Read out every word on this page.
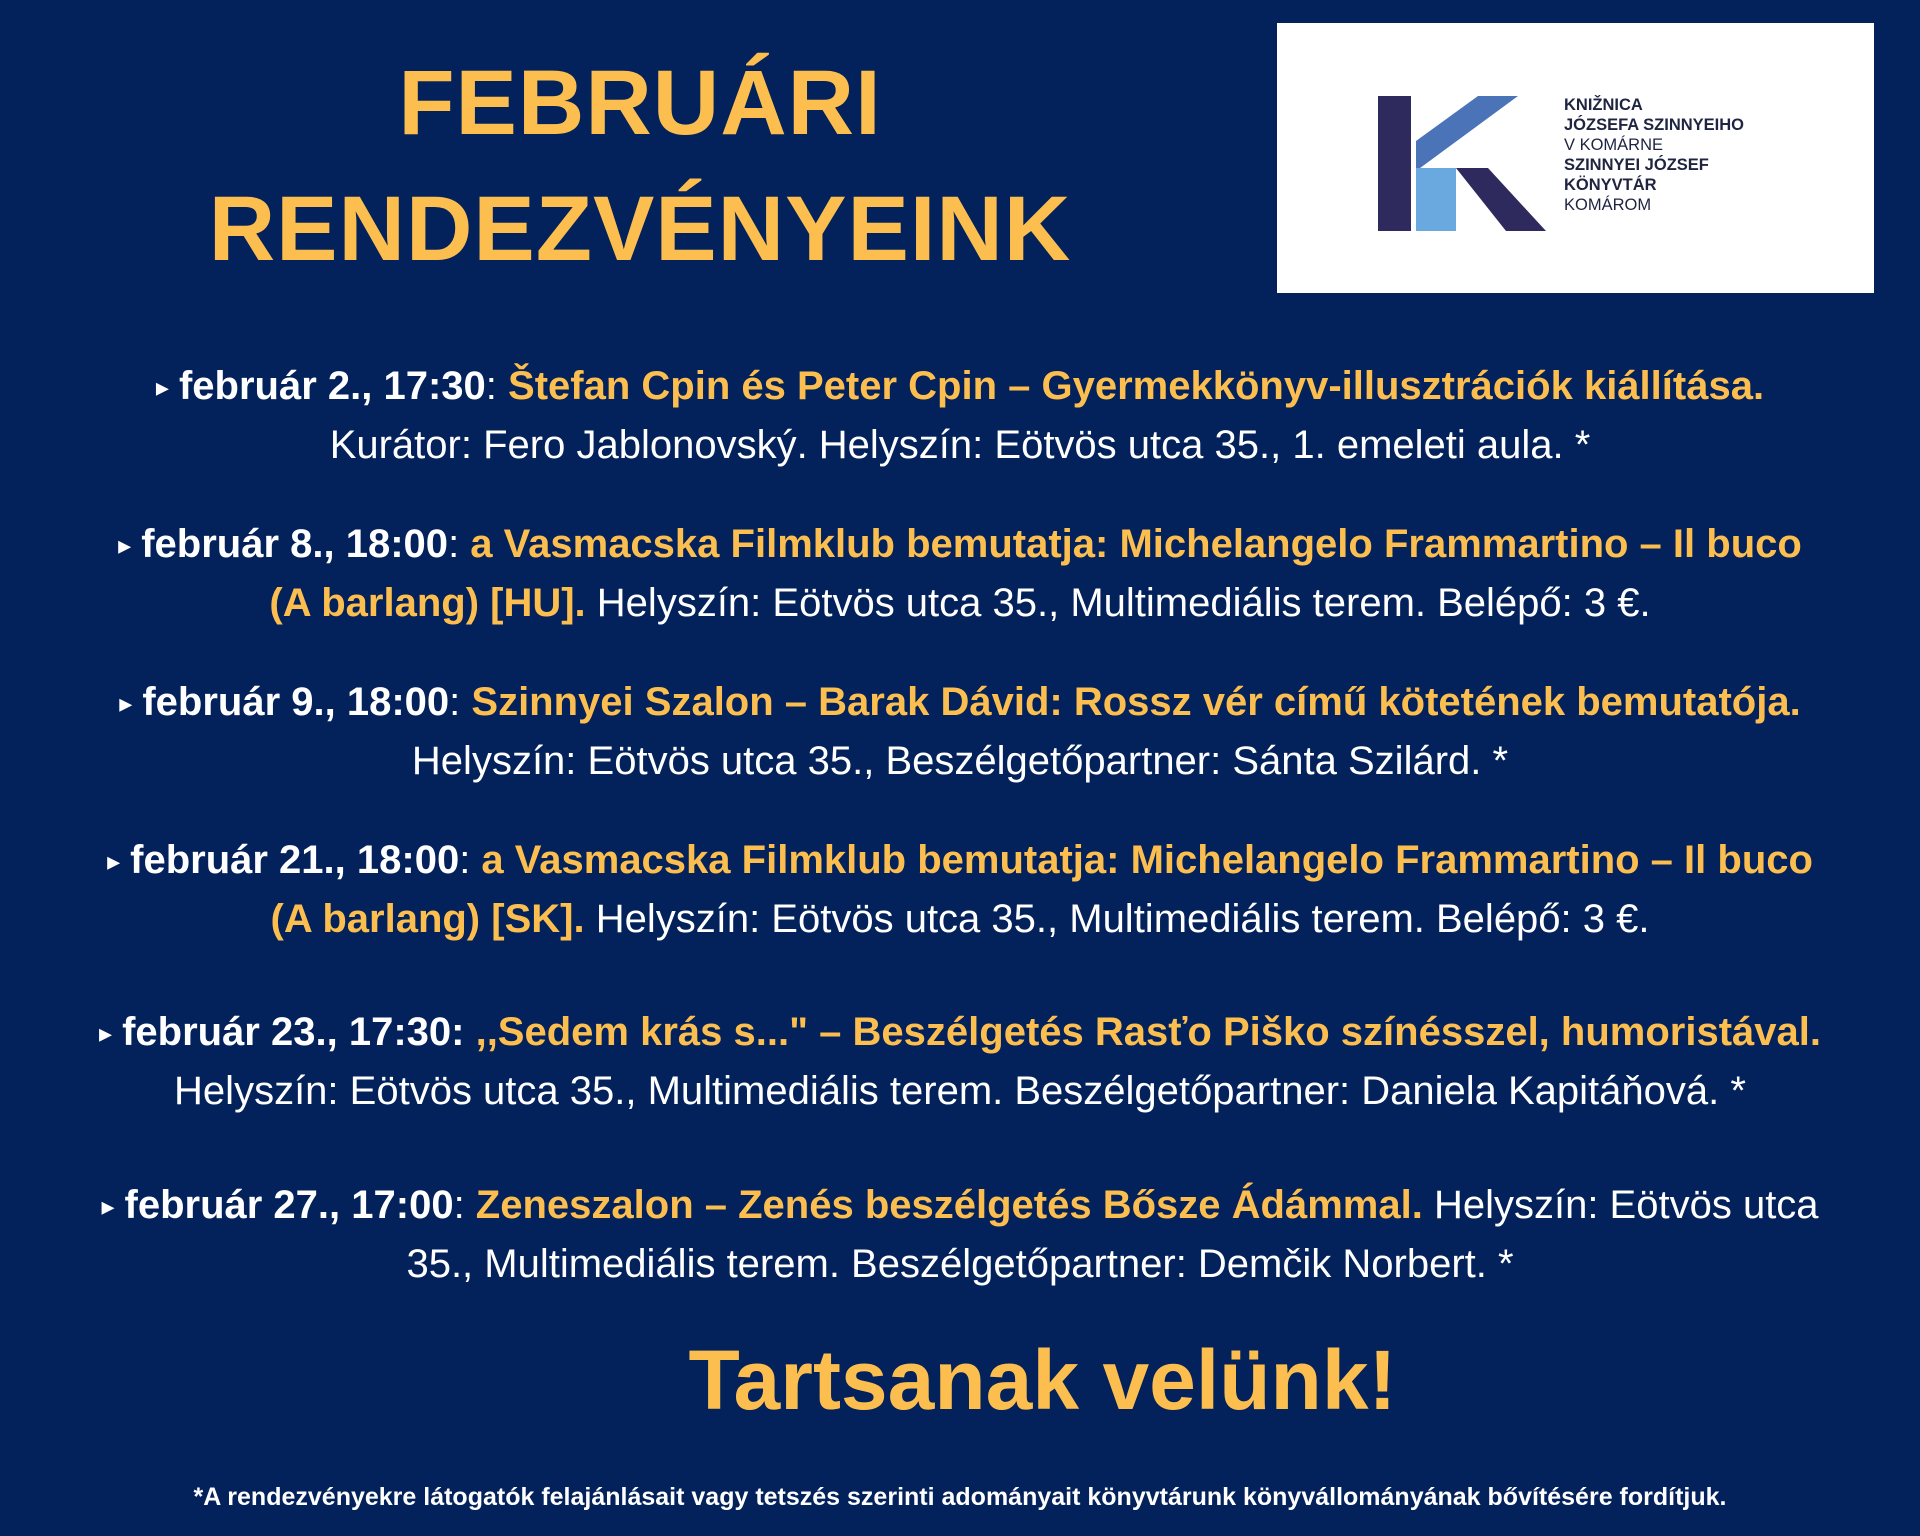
FEBRUÁRI
RENDEZVÉNYEINK
KNIŽNICA
JÓZSEFA SZINNYEIHO
V KOMÁRNE
SZINNYEI JÓZSEF
KÖNYVTÁR
KOMÁROM
▸ február 2., 17:30: Štefan Cpin és Peter Cpin – Gyermekkönyv-illusztrációk kiállítása.
Kurátor: Fero Jablonovský. Helyszín: Eötvös utca 35., 1. emeleti aula. *
▸ február 8., 18:00: a Vasmacska Filmklub bemutatja: Michelangelo Frammartino – Il buco (A barlang) [HU]. Helyszín: Eötvös utca 35., Multimediális terem. Belépő: 3 €.
▸ február 9., 18:00: Szinnyei Szalon – Barak Dávid: Rossz vér című kötetének bemutatója. Helyszín: Eötvös utca 35., Beszélgetőpartner: Sánta Szilárd. *
▸ február 21., 18:00: a Vasmacska Filmklub bemutatja: Michelangelo Frammartino – Il buco (A barlang) [SK]. Helyszín: Eötvös utca 35., Multimediális terem. Belépő: 3 €.
▸ február 23., 17:30: ,,Sedem krás s..." – Beszélgetés Rasťo Piško színésszel, humoristával.
Helyszín: Eötvös utca 35., Multimediális terem. Beszélgetőpartner: Daniela Kapitáňová. *
▸ február 27., 17:00: Zeneszalon – Zenés beszélgetés Bősze Ádámmal. Helyszín: Eötvös utca 35., Multimediális terem. Beszélgetőpartner: Demčik Norbert. *
Tartsanak velünk!
*A rendezvényekre látogatók felajánlásait vagy tetszés szerinti adományait könyvtárunk könyvállományának bővítésére fordítjuk.
